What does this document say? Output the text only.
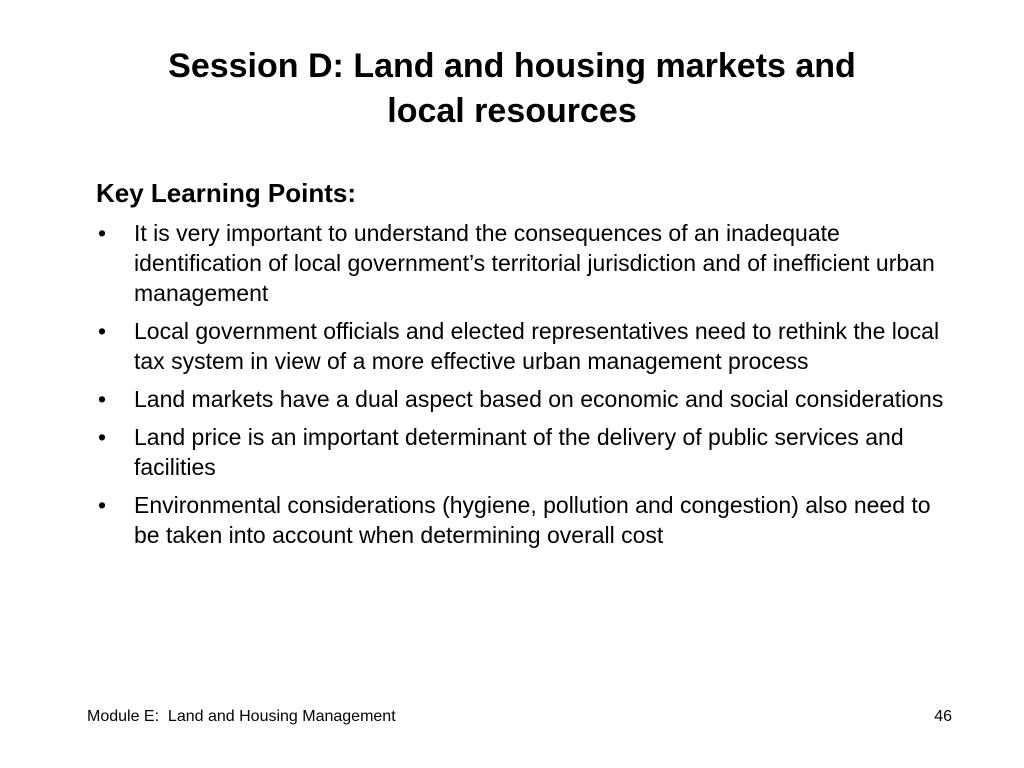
Session D: Land and housing markets and
local resources
Key Learning Points:
• It is very important to understand the consequences of an inadequate identification of local government’s territorial jurisdiction and of inefficient urban management
• Local government officials and elected representatives need to rethink the local tax system in view of a more effective urban management process
• Land markets have a dual aspect based on economic and social considerations
• Land price is an important determinant of the delivery of public services and facilities
• Environmental considerations (hygiene, pollution and congestion) also need to be taken into account when determining overall cost
Module E:  Land and Housing Management	46
